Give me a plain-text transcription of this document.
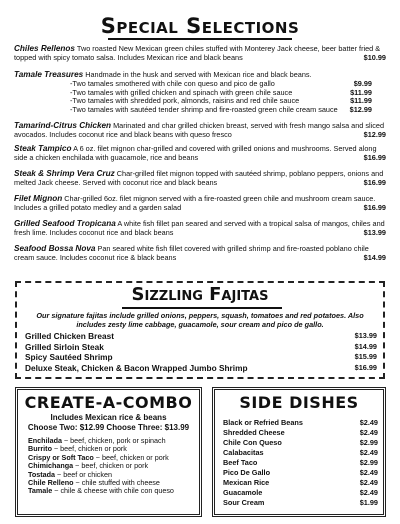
Special Selections
Chiles Rellenos Two roasted New Mexican green chiles stuffed with Monterey Jack cheese, beer batter fried & topped with spicy tomato salsa. Includes Mexican rice and black beans	$10.99
Tamale Treasures Handmade in the husk and served with Mexican rice and black beans.
-Two tamales smothered with chile con queso and pico de gallo	$9.99
-Two tamales with grilled chicken and spinach with green chile sauce	$11.99
-Two tamales with shredded pork, almonds, raisins and red chile sauce	$11.99
-Two tamales with sautéed tender shrimp and fire-roasted green chile cream sauce $12.99
Tamarind-Citrus Chicken Marinated and char grilled chicken breast, served with fresh mango salsa and sliced avocados. Includes coconut rice and black beans with queso fresco	$12.99
Steak Tampico A 6 oz. filet mignon char-grilled and covered with grilled onions and mushrooms. Served along side a chicken enchilada with guacamole, rice and beans	$16.99
Steak & Shrimp Vera Cruz Char-grilled filet mignon topped with sautéed shrimp, poblano peppers, onions and melted Jack cheese. Served with coconut rice and black beans	$16.99
Filet Mignon Char-grilled 6oz. filet mignon served with a fire-roasted green chile and mushroom cream sauce. Includes a grilled potato medley and a garden salad	$16.99
Grilled Seafood Tropicana A white fish fillet pan seared and served with a tropical salsa of mangos, chiles and fresh lime. Includes coconut rice and black beans	$13.99
Seafood Bossa Nova Pan seared white fish fillet covered with grilled shrimp and fire-roasted poblano chile cream sauce. Includes coconut rice & black beans	$14.99
Sizzling Fajitas
Our signature fajitas include grilled onions, peppers, squash, tomatoes and red potatoes. Also includes zesty lime cabbage, guacamole, sour cream and pico de gallo.
Grilled Chicken Breast	$13.99
Grilled Sirloin Steak	$14.99
Spicy Sautéed Shrimp	$15.99
Deluxe Steak, Chicken & Bacon Wrapped Jumbo Shrimp	$16.99
CREATE-A-COMBO
Includes Mexican rice & beans
Choose Two: $12.99 Choose Three: $13.99
Enchilada ~ beef, chicken, pork or spinach
Burrito ~ beef, chicken or pork
Crispy or Soft Taco ~ beef, chicken or pork
Chimichanga ~ beef, chicken or pork
Tostada ~ beef or chicken
Chile Relleno ~ chile stuffed with cheese
Tamale ~ chile & cheese with chile con queso
SIDE DISHES
Black or Refried Beans	$2.49
Shredded Cheese	$2.49
Chile Con Queso	$2.99
Calabacitas	$2.49
Beef Taco	$2.99
Pico De Gallo	$2.49
Mexican Rice	$2.49
Guacamole	$2.49
Sour Cream	$1.99
